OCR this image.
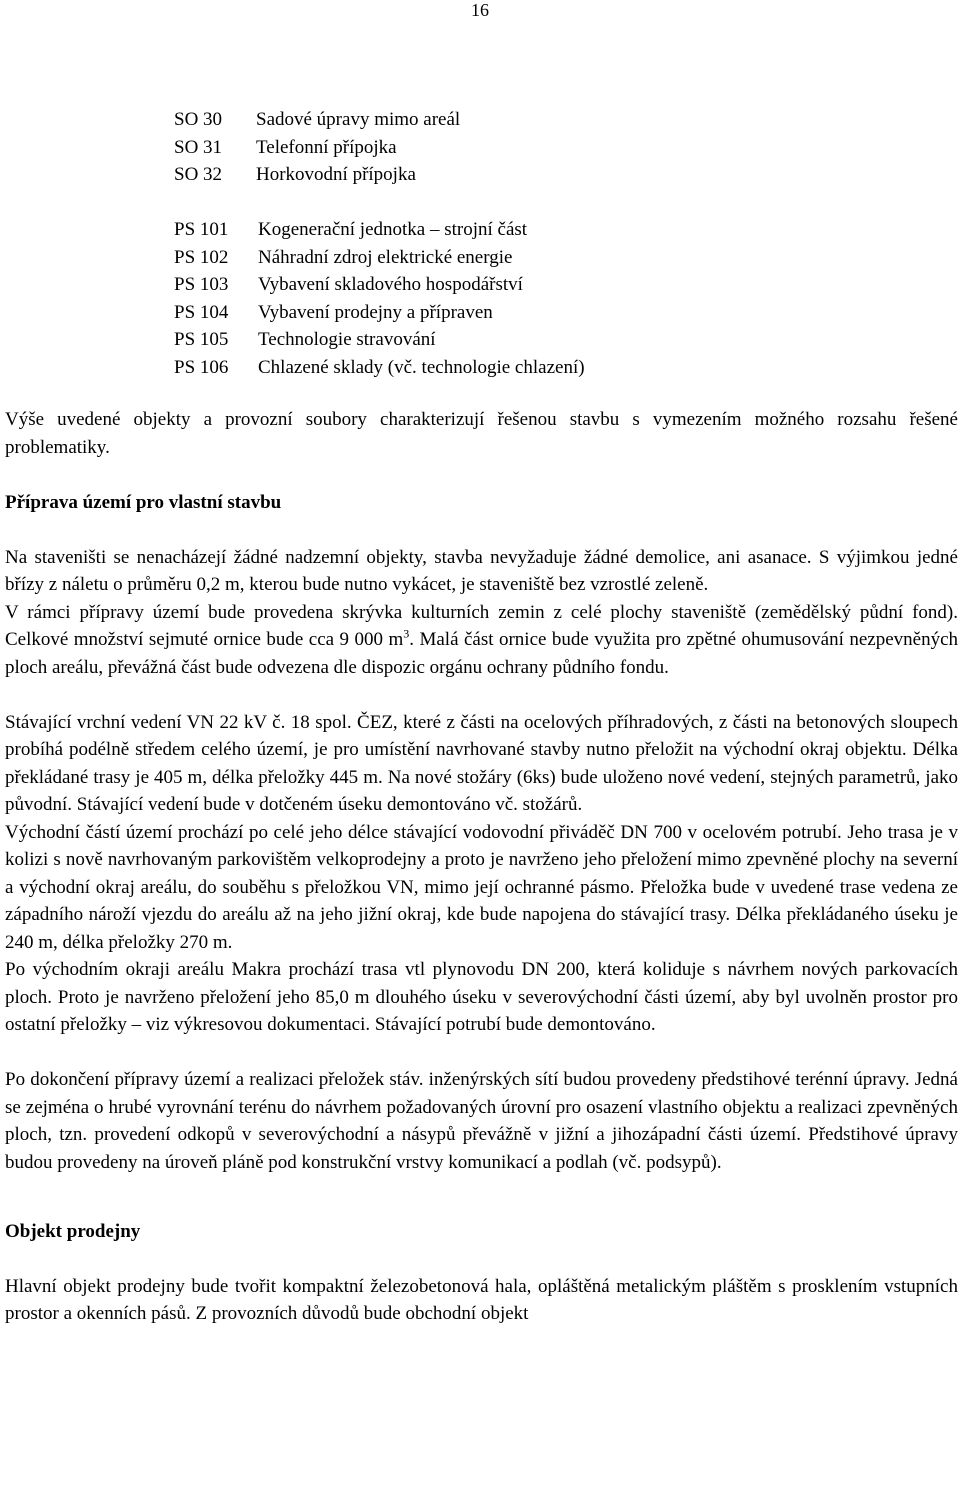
16
SO 30	Sadové úpravy mimo areál
SO 31	Telefonní přípojka
SO 32	Horkovodní přípojka
PS 101	Kogenerační jednotka – strojní část
PS 102	Náhradní zdroj elektrické energie
PS 103	Vybavení skladového hospodářství
PS 104	Vybavení prodejny a přípraven
PS 105	Technologie stravování
PS 106	Chlazené sklady (vč. technologie chlazení)

Výše uvedené objekty a provozní soubory charakterizují řešenou stavbu s vymezením možného rozsahu řešené problematiky.

Příprava území pro vlastní stavbu

Na staveništi se nenacházejí žádné nadzemní objekty, stavba nevyžaduje žádné demolice, ani asanace. S výjimkou jedné břízy z náletu o průměru 0,2 m, kterou bude nutno vykácet, je staveniště bez vzrostlé zeleně.

V rámci přípravy území bude provedena skrývka kulturních zemin z celé plochy staveniště (zemědělský půdní fond). Celkové množství sejmuté ornice bude cca 9 000 $m^3$. Malá část ornice bude využita pro zpětné ohumusování nezpevněných ploch areálu, převážná část bude odvezena dle dispozic orgánu ochrany půdního fondu.

Stávající vrchní vedení VN 22 kV č. 18 spol. ČEZ, které z části na ocelových příhradových, z části na betonových sloupech probíhá podélně středem celého území, je pro umístění navrhované stavby nutno přeložit na východní okraj objektu. Délka překládané trasy je 405 m, délka přeložky 445 m. Na nové stožáry (6ks) bude uloženo nové vedení, stejných parametrů, jako původní. Stávající vedení bude v dotčeném úseku demontováno vč. stožárů.

Východní částí území prochází po celé jeho délce stávající vodovodní přiváděč DN 700 v ocelovém potrubí. Jeho trasa je v kolizi s nově navrhovaným parkovištěm velkoprodejny a proto je navrženo jeho přeložení mimo zpevněné plochy na severní a východní okraj areálu, do souběhu s přeložkou VN, mimo její ochranné pásmo. Přeložka bude v uvedené trase vedena ze západního nároží vjezdu do areálu až na jeho jižní okraj, kde bude napojena do stávající trasy. Délka překládaného úseku je 240 m, délka přeložky 270 m.

Po východním okraji areálu Makra prochází trasa vtl plynovodu DN 200, která koliduje s návrhem nových parkovacích ploch. Proto je navrženo přeložení jeho 85,0 m dlouhého úseku v severovýchodní části území, aby byl uvolněn prostor pro ostatní přeložky – viz výkresovou dokumentaci. Stávající potrubí bude demontováno.

Po dokončení přípravy území a realizaci přeložek stáv. inženýrských sítí budou provedeny předstihové terénní úpravy. Jedná se zejména o hrubé vyrovnání terénu do návrhem požadovaných úrovní pro osazení vlastního objektu a realizaci zpevněných ploch, tzn. provedení odkopů v severovýchodní a násypů převážně v jižní a jihozápadní části území. Předstihové úpravy budou provedeny na úroveň pláně pod konstrukční vrstvy komunikací a podlah (vč. podsypů).

Objekt prodejny

Hlavní objekt prodejny bude tvořit kompaktní železobetonová hala, opláštěná metalickým pláštěm s prosklením vstupních prostor a okenních pásů. Z provozních důvodů bude obchodní objekt
